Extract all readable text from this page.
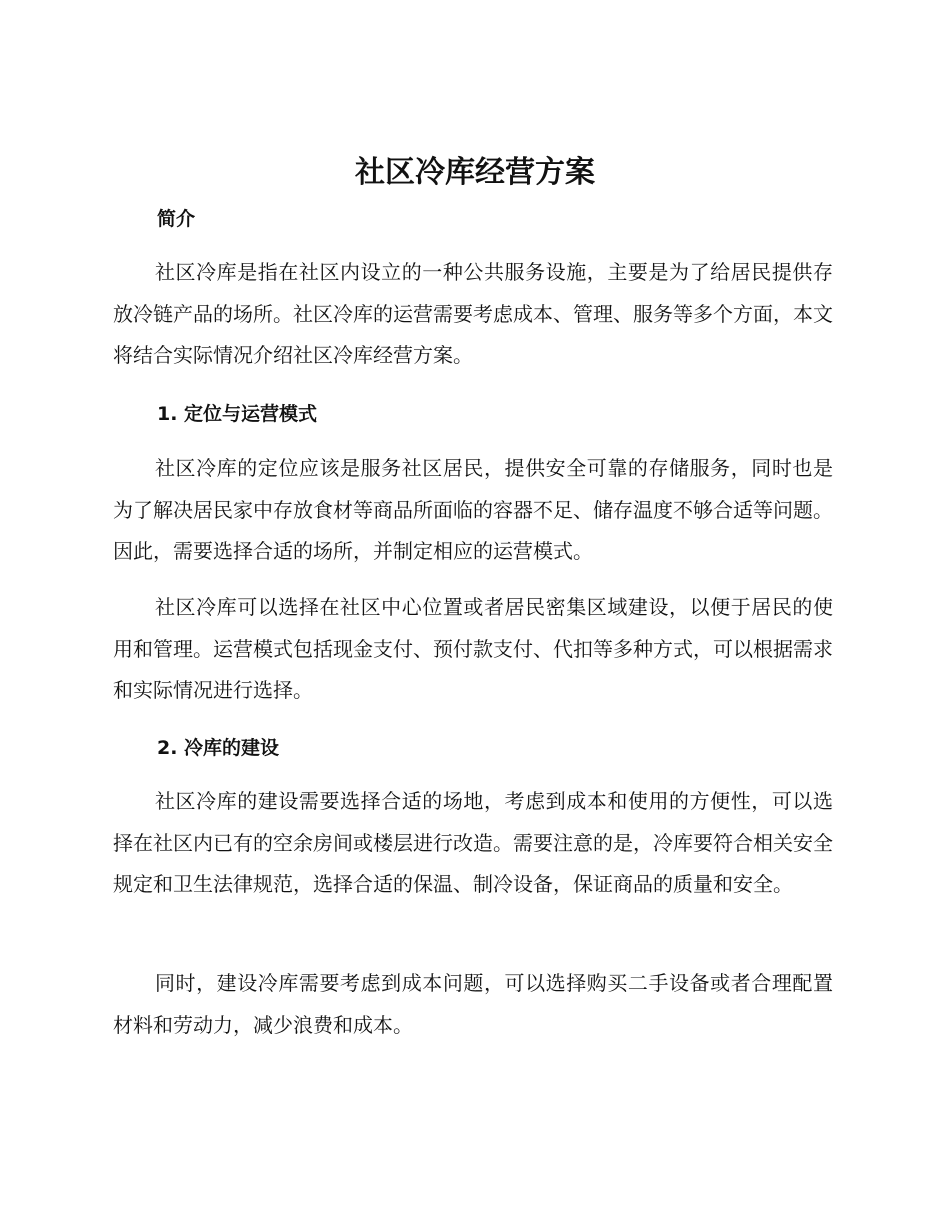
社区冷库经营方案
简介

社区冷库是指在社区内设立的一种公共服务设施，主要是为了给居民提供存放冷链产品的场所。社区冷库的运营需要考虑成本、管理、服务等多个方面，本文将结合实际情况介绍社区冷库经营方案。

1. 定位与运营模式

社区冷库的定位应该是服务社区居民，提供安全可靠的存储服务，同时也是为了解决居民家中存放食材等商品所面临的容器不足、储存温度不够合适等问题。因此，需要选择合适的场所，并制定相应的运营模式。

社区冷库可以选择在社区中心位置或者居民密集区域建设，以便于居民的使用和管理。运营模式包括现金支付、预付款支付、代扣等多种方式，可以根据需求和实际情况进行选择。

2. 冷库的建设

社区冷库的建设需要选择合适的场地，考虑到成本和使用的方便性，可以选择在社区内已有的空余房间或楼层进行改造。需要注意的是，冷库要符合相关安全规定和卫生法律规范，选择合适的保温、制冷设备，保证商品的质量和安全。

同时，建设冷库需要考虑到成本问题，可以选择购买二手设备或者合理配置材料和劳动力，减少浪费和成本。
